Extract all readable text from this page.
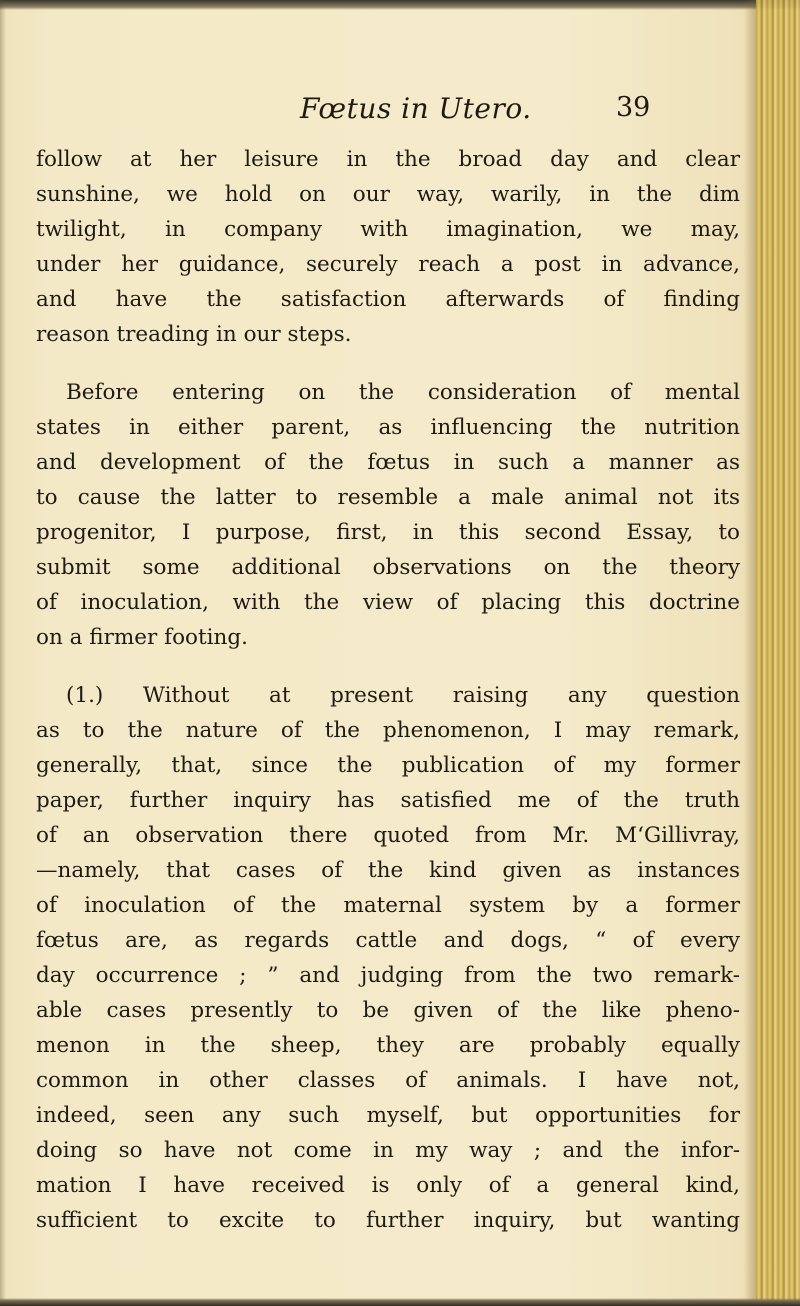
Fœtus in Utero.	39
follow at her leisure in the broad day and clear
sunshine, we hold on our way, warily, in the dim
twilight, in company with imagination, we may,
under her guidance, securely reach a post in advance,
and have the satisfaction afterwards of finding
reason treading in our steps.
Before entering on the consideration of mental
states in either parent, as influencing the nutrition
and development of the fœtus in such a manner as
to cause the latter to resemble a male animal not its
progenitor, I purpose, first, in this second Essay, to
submit some additional observations on the theory
of inoculation, with the view of placing this doctrine
on a firmer footing.
(1.) Without at present raising any question
as to the nature of the phenomenon, I may remark,
generally, that, since the publication of my former
paper, further inquiry has satisfied me of the truth
of an observation there quoted from Mr. M‘Gillivray,
—namely, that cases of the kind given as instances
of inoculation of the maternal system by a former
fœtus are, as regards cattle and dogs, “ of every
day occurrence ; ” and judging from the two remark-
able cases presently to be given of the like pheno-
menon in the sheep, they are probably equally
common in other classes of animals. I have not,
indeed, seen any such myself, but opportunities for
doing so have not come in my way ; and the infor-
mation I have received is only of a general kind,
sufficient to excite to further inquiry, but wanting
